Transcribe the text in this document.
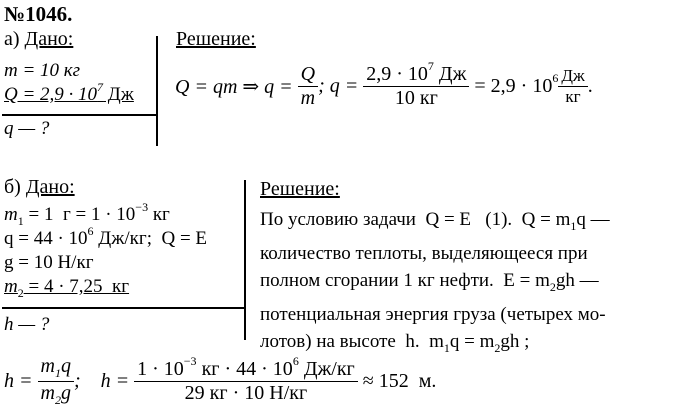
№1046.
а) Дано:
m = 10 кг
$Q = 2,9 \cdot 10^7$ Дж
q — ?
Решение:
Q = qm ⇒ $q = \frac{Q}{m}$ ; $q = \frac{2,9 \cdot 10^7 Дж}{10 кг} = 2,9 \cdot 10^6 \frac{Дж}{кг}$ .
б) Дано:
$m_1 = 1$  $г = 1 \cdot 10^{-3}$ кг
$q = 44 \cdot 10^6$ Дж/кг;  Q = E
g = 10 Н/кг
$m_2 = 4 \cdot 7,25$  кг
h — ?
Решение:
По условию задачи  Q = E   (1).  $Q = m_1q$ —
количество теплоты, выделяющееся при
полном сгорании 1 кг нефти.  $E = m_2gh$ —
потенциальная энергия груза (четырех мо-
лотов) на высоте  h.  $m_1q = m_2gh$ ;
$h = \frac{m_1q}{m_2g}$ ;    $h = \frac{1 \cdot 10^{-3} кг \cdot 44 \cdot 10^6 Дж/кг}{29 кг \cdot 10 Н/кг} \approx 152$  м.
